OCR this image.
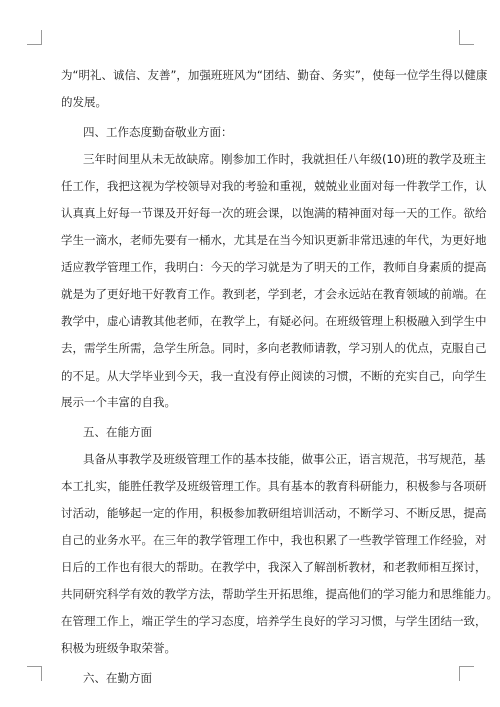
为“明礼、诚信、友善”，加强班班风为“团结、勤奋、务实”，使每一位学生得以健康
的发展。
四、工作态度勤奋敬业方面：
三年时间里从未无故缺席。刚参加工作时，我就担任八年级(10)班的教学及班主
任工作，我把这视为学校领导对我的考验和重视，兢兢业业面对每一件教学工作，认
认真真上好每一节课及开好每一次的班会课，以饱满的精神面对每一天的工作。欲给
学生一滴水，老师先要有一桶水，尤其是在当今知识更新非常迅速的年代，为更好地
适应教学管理工作，我明白：今天的学习就是为了明天的工作，教师自身素质的提高
就是为了更好地干好教育工作。教到老，学到老，才会永远站在教育领域的前端。在
教学中，虚心请教其他老师，在教学上，有疑必问。在班级管理上积极融入到学生中
去，需学生所需，急学生所急。同时，多向老教师请教，学习别人的优点，克服自己
的不足。从大学毕业到今天，我一直没有停止阅读的习惯，不断的充实自己，向学生
展示一个丰富的自我。
五、在能方面
具备从事教学及班级管理工作的基本技能，做事公正，语言规范，书写规范，基
本工扎实，能胜任教学及班级管理工作。具有基本的教育科研能力，积极参与各项研
讨活动，能够起一定的作用，积极参加教研组培训活动，不断学习、不断反思，提高
自己的业务水平。在三年的教学管理工作中，我也积累了一些教学管理工作经验，对
日后的工作也有很大的帮助。在教学中，我深入了解剖析教材，和老教师相互探讨，
共同研究科学有效的教学方法，帮助学生开拓思维，提高他们的学习能力和思维能力。
在管理工作上，端正学生的学习态度，培养学生良好的学习习惯，与学生团结一致，
积极为班级争取荣誉。
六、在勤方面
